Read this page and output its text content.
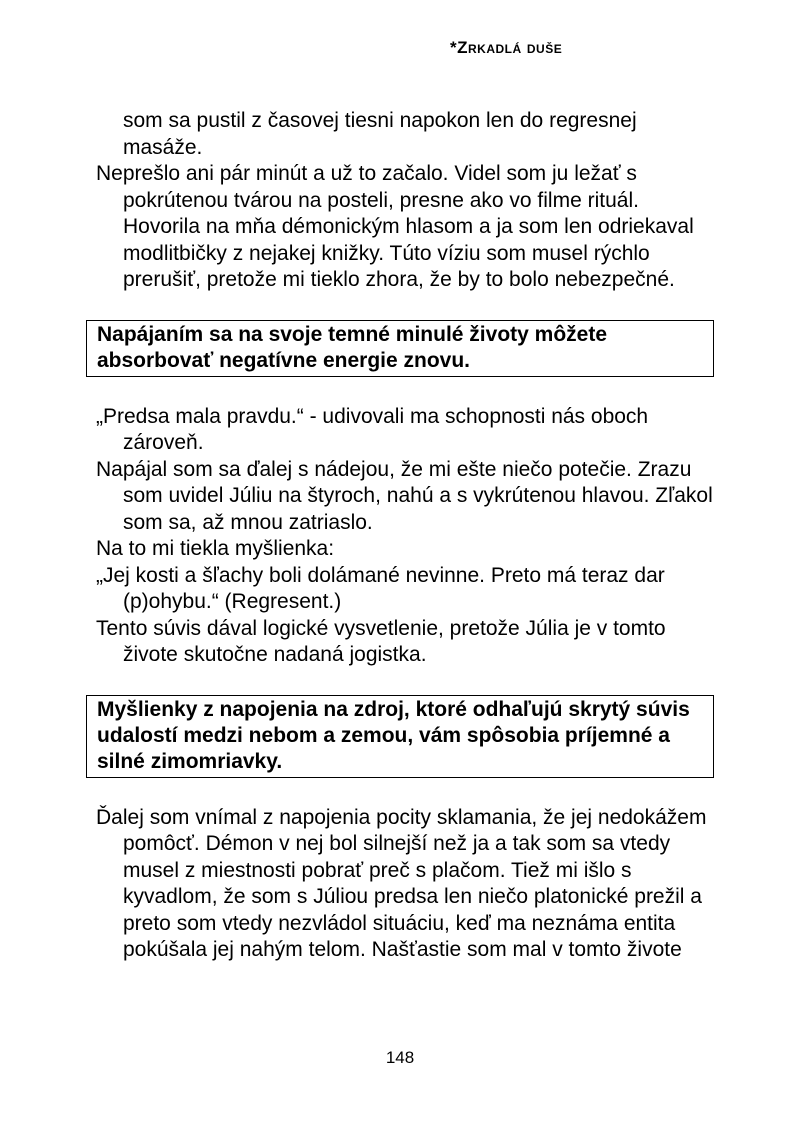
*Zrkadlá duše

som sa pustil z časovej tiesni napokon len do regresnej masáže.

Neprešlo ani pár minút a už to začalo. Videl som ju ležať s pokrútenou tvárou na posteli, presne ako vo filme rituál. Hovorila na mňa démonickým hlasom a ja som len odriekaval modlitbičky z nejakej knižky. Túto víziu som musel rýchlo prerušiť, pretože mi tieklo zhora, že by to bolo nebezpečné.

Napájaním sa na svoje temné minulé životy môžete absorbovať negatívne energie znovu.

„Predsa mala pravdu.“ - udivovali ma schopnosti nás oboch zároveň.

Napájal som sa ďalej s nádejou, že mi ešte niečo potečie. Zrazu som uvidel Júliu na štyroch, nahú a s vykrútenou hlavou. Zľakol som sa, až mnou zatriaslo.

Na to mi tiekla myšlienka:

„Jej kosti a šľachy boli dolámané nevinne. Preto má teraz dar (p)ohybu.“ (Regresent.)

Tento súvis dával logické vysvetlenie, pretože Júlia je v tomto živote skutočne nadaná jogistka.

Myšlienky z napojenia na zdroj, ktoré odhaľujú skrytý súvis udalostí medzi nebom a zemou, vám spôsobia príjemné a silné zimomriavky.

Ďalej som vnímal z napojenia pocity sklamania, že jej nedokážem pomôcť. Démon v nej bol silnejší než ja a tak som sa vtedy musel z miestnosti pobrať preč s plačom. Tiež mi išlo s kyvadlom, že som s Júliou predsa len niečo platonické prežil a preto som vtedy nezvládol situáciu, keď ma neznáma entita pokúšala jej nahým telom. Našťastie som mal v tomto živote

148
